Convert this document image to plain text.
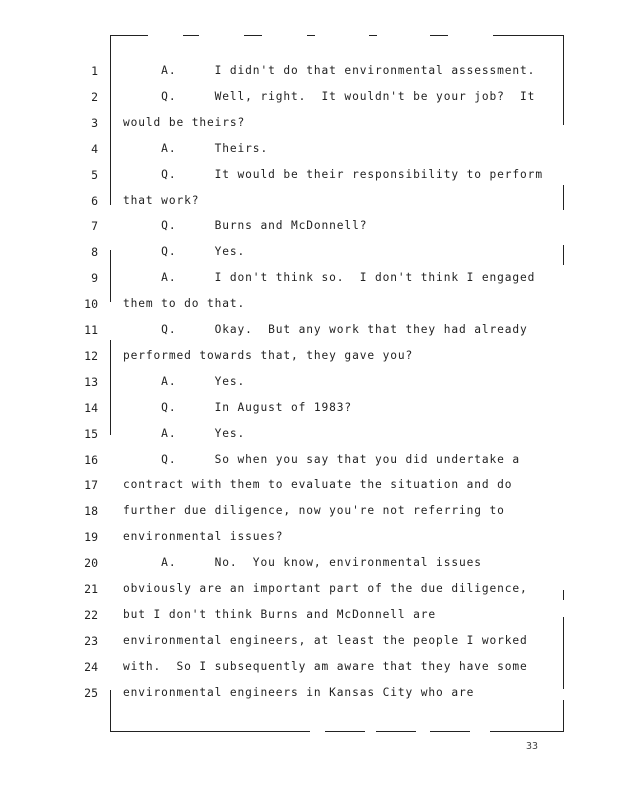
1 A.     I didn't do that environmental assessment.
2 Q.     Well, right.  It wouldn't be your job?  It
3 would be theirs?
4 A.     Theirs.
5 Q.     It would be their responsibility to perform
6 that work?
7 Q.     Burns and McDonnell?
8 Q.     Yes.
9 A.     I don't think so.  I don't think I engaged
10 them to do that.
11 Q.     Okay.  But any work that they had already
12 performed towards that, they gave you?
13 A.     Yes.
14 Q.     In August of 1983?
15 A.     Yes.
16 Q.     So when you say that you did undertake a
17 contract with them to evaluate the situation and do
18 further due diligence, now you're not referring to
19 environmental issues?
20 A.     No.  You know, environmental issues
21 obviously are an important part of the due diligence,
22 but I don't think Burns and McDonnell are
23 environmental engineers, at least the people I worked
24 with.  So I subsequently am aware that they have some
25 environmental engineers in Kansas City who are
33
